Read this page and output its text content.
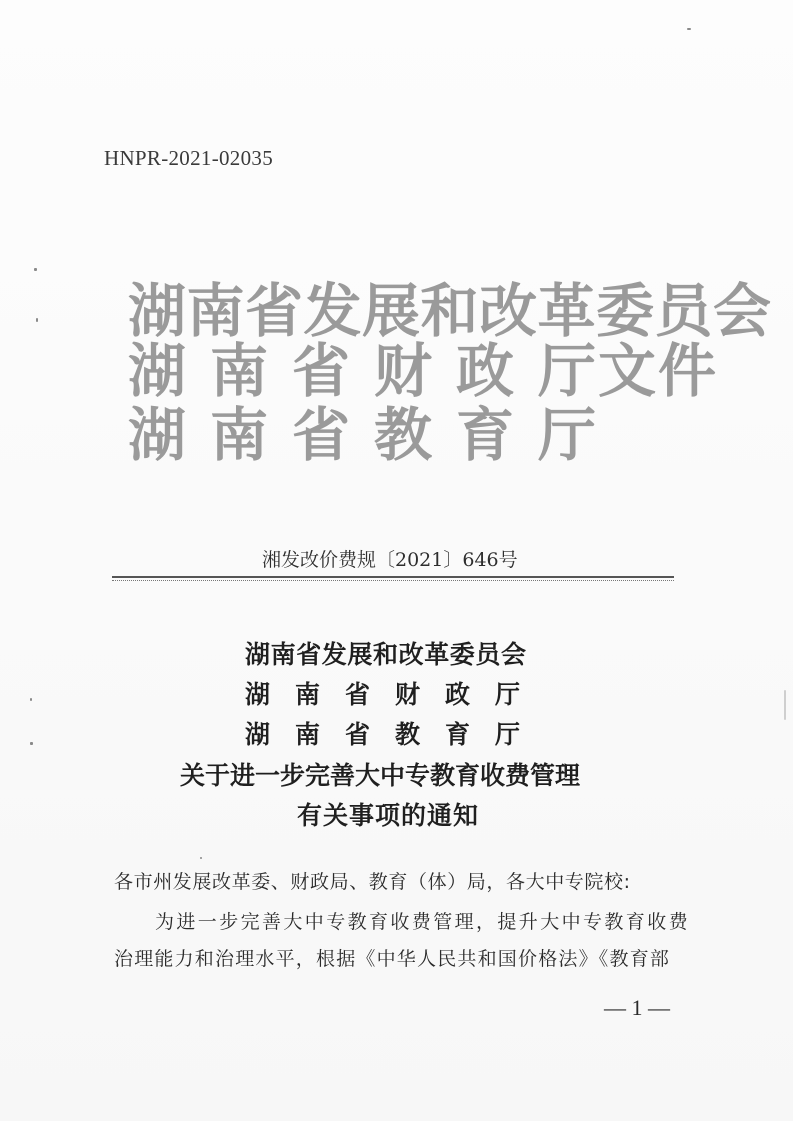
HNPR-2021-02035
湖南省发展和改革委员会
湖 南 省 财 政 厅文件
湖 南 省 教 育 厅
湘发改价费规〔2021〕646号
湖南省发展和改革委员会
湖 南 省 财 政 厅
湖 南 省 教 育 厅
关于进一步完善大中专教育收费管理
有关事项的通知
各市州发展改革委、财政局、教育（体）局，各大中专院校:
为进一步完善大中专教育收费管理，提升大中专教育收费
治理能力和治理水平，根据《中华人民共和国价格法》《教育部
— 1 —
